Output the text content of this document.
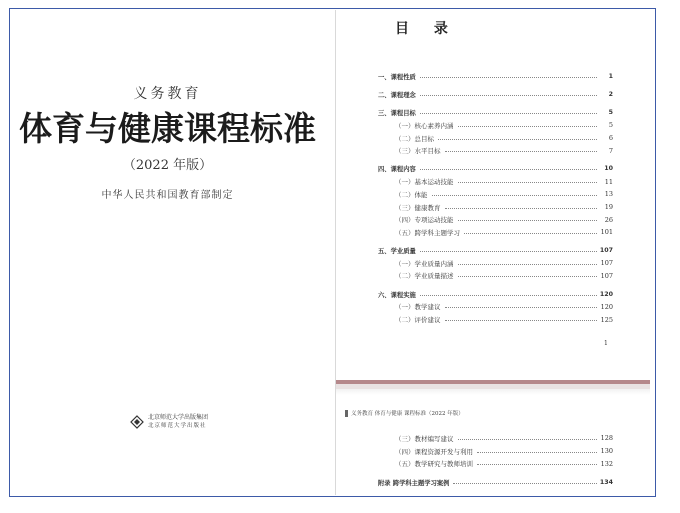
义务教育
体育与健康课程标准
（2022 年版）
中华人民共和国教育部制定
北京师范大学出版集团
北京师范大学出版社
目 录
一、课程性质	1
二、课程理念	2
三、课程目标	5
（一）核心素养内涵	5
（二）总目标	6
（三）水平目标	7
四、课程内容	10
（一）基本运动技能	11
（二）体能	13
（三）健康教育	19
（四）专项运动技能	26
（五）跨学科主题学习	101
五、学业质量	107
（一）学业质量内涵	107
（二）学业质量描述	107
六、课程实施	120
（一）教学建议	120
（二）评价建议	125
1
义务教育 体育与健康 课程标准（2022 年版）
（三）教材编写建议	128
（四）课程资源开发与利用	130
（五）教学研究与教师培训	132
附录 跨学科主题学习案例	134
